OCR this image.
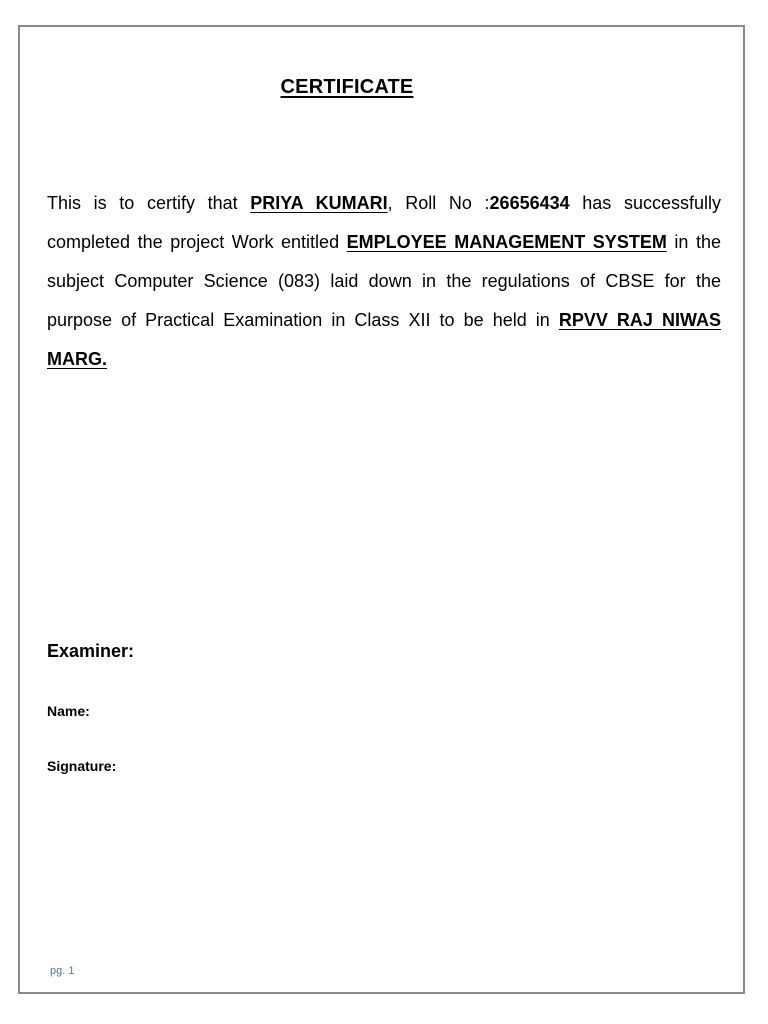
CERTIFICATE

This is to certify that PRIYA KUMARI, Roll No :26656434 has successfully completed the project Work entitled EMPLOYEE MANAGEMENT SYSTEM in the subject Computer Science (083) laid down in the regulations of CBSE for the purpose of Practical Examination in Class XII to be held in RPVV RAJ NIWAS MARG.

Examiner:
Name:
Signature:
pg. 1
